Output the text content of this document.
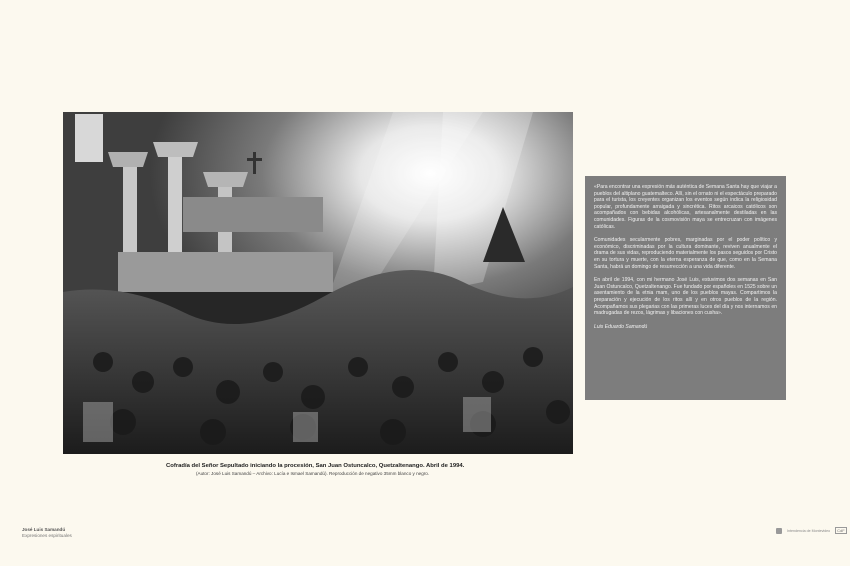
Cofradía del Señor Sepultado iniciando la procesión, San Juan Ostuncalco, Quetzaltenango. Abril de 1994.
(Autor: José Luis Samandú – Archivo: Lucía e Ismael Samandú). Reproducción de negativo 35mm blanco y negro.

«Para encontrar una expresión más auténtica de Semana Santa hay que viajar a pueblos del altiplano guatemalteco. Allí, sin el ornato ni el espectáculo preparado para el turista, los creyentes organizan los eventos según indica la religiosidad popular, profundamente arraigada y sincrética. Ritos arcaicos católicos son acompañados con bebidas alcohólicas, artesanalmente destiladas en las comunidades. Figuras de la cosmovisión maya se entrecruzan con imágenes católicas.

Comunidades secularmente pobres, marginadas por el poder político y económico, discriminadas por la cultura dominante, reviven anualmente el drama de sus vidas, reproduciendo materialmente los pasos seguidos por Cristo en su tortura y muerte, con la eterna esperanza de que, como en la Semana Santa, habrá un domingo de resurrección a una vida diferente.

En abril de 1994, con mi hermano José Luis, estuvimos dos semanas en San Juan Ostuncalco, Quetzaltenango. Fue fundado por españoles en 1525 sobre un asentamiento de la etnia mam, uno de los pueblos mayas. Compartimos la preparación y ejecución de los ritos allí y en otros pueblos de la región. Acompañamos sus plegarias con las primeras luces del día y nos internamos en madrugadas de rezos, lágrimas y libaciones con cusha».

Luis Eduardo Samandú

José Luis Samandú
Expresiones espirituales
Intendencia de Montevideo	CdF
